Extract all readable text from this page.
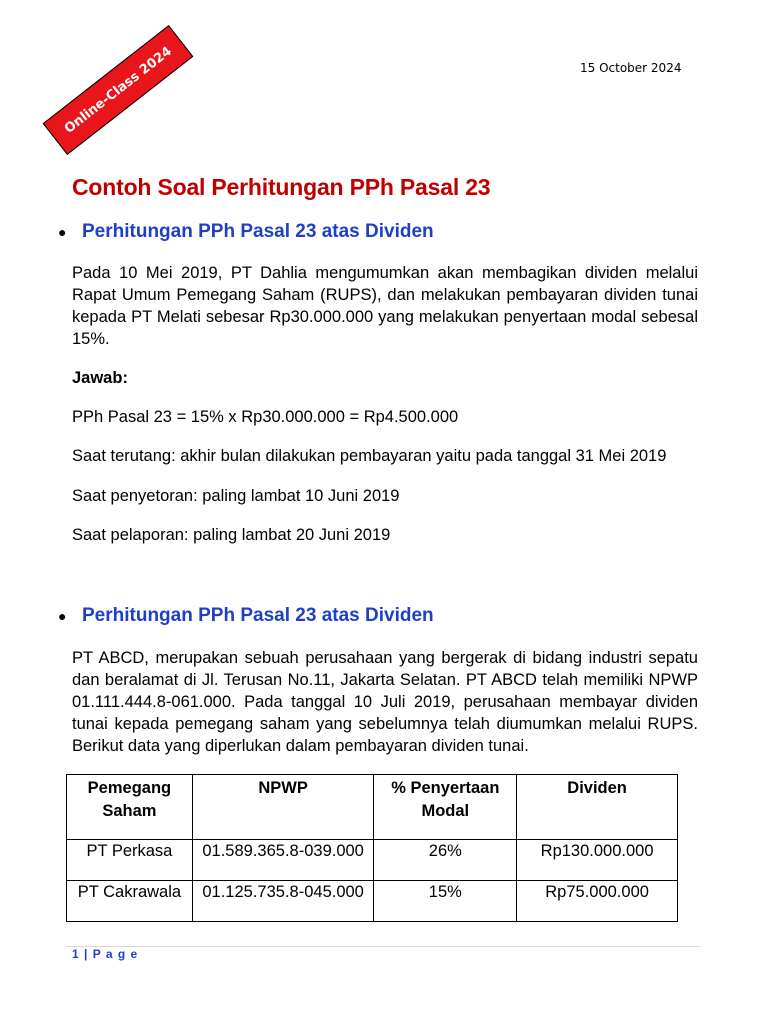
Online-Class 2024	15 October 2024
Contoh Soal Perhitungan PPh Pasal 23
● Perhitungan PPh Pasal 23 atas Dividen
Pada 10 Mei 2019, PT Dahlia mengumumkan akan membagikan dividen melalui Rapat Umum Pemegang Saham (RUPS), dan melakukan pembayaran dividen tunai kepada PT Melati sebesar Rp30.000.000 yang melakukan penyertaan modal sebesal 15%.
Jawab:
PPh Pasal 23 = 15% x Rp30.000.000 = Rp4.500.000
Saat terutang: akhir bulan dilakukan pembayaran yaitu pada tanggal 31 Mei 2019
Saat penyetoran: paling lambat 10 Juni 2019
Saat pelaporan: paling lambat 20 Juni 2019
● Perhitungan PPh Pasal 23 atas Dividen
PT ABCD, merupakan sebuah perusahaan yang bergerak di bidang industri sepatu dan beralamat di Jl. Terusan No.11, Jakarta Selatan. PT ABCD telah memiliki NPWP 01.111.444.8-061.000. Pada tanggal 10 Juli 2019, perusahaan membayar dividen tunai kepada pemegang saham yang sebelumnya telah diumumkan melalui RUPS. Berikut data yang diperlukan dalam pembayaran dividen tunai.
Pemegang Saham	NPWP	% Penyertaan Modal	Dividen
PT Perkasa	01.589.365.8-039.000	26%	Rp130.000.000
PT Cakrawala	01.125.735.8-045.000	15%	Rp75.000.000
1 | P a g e
